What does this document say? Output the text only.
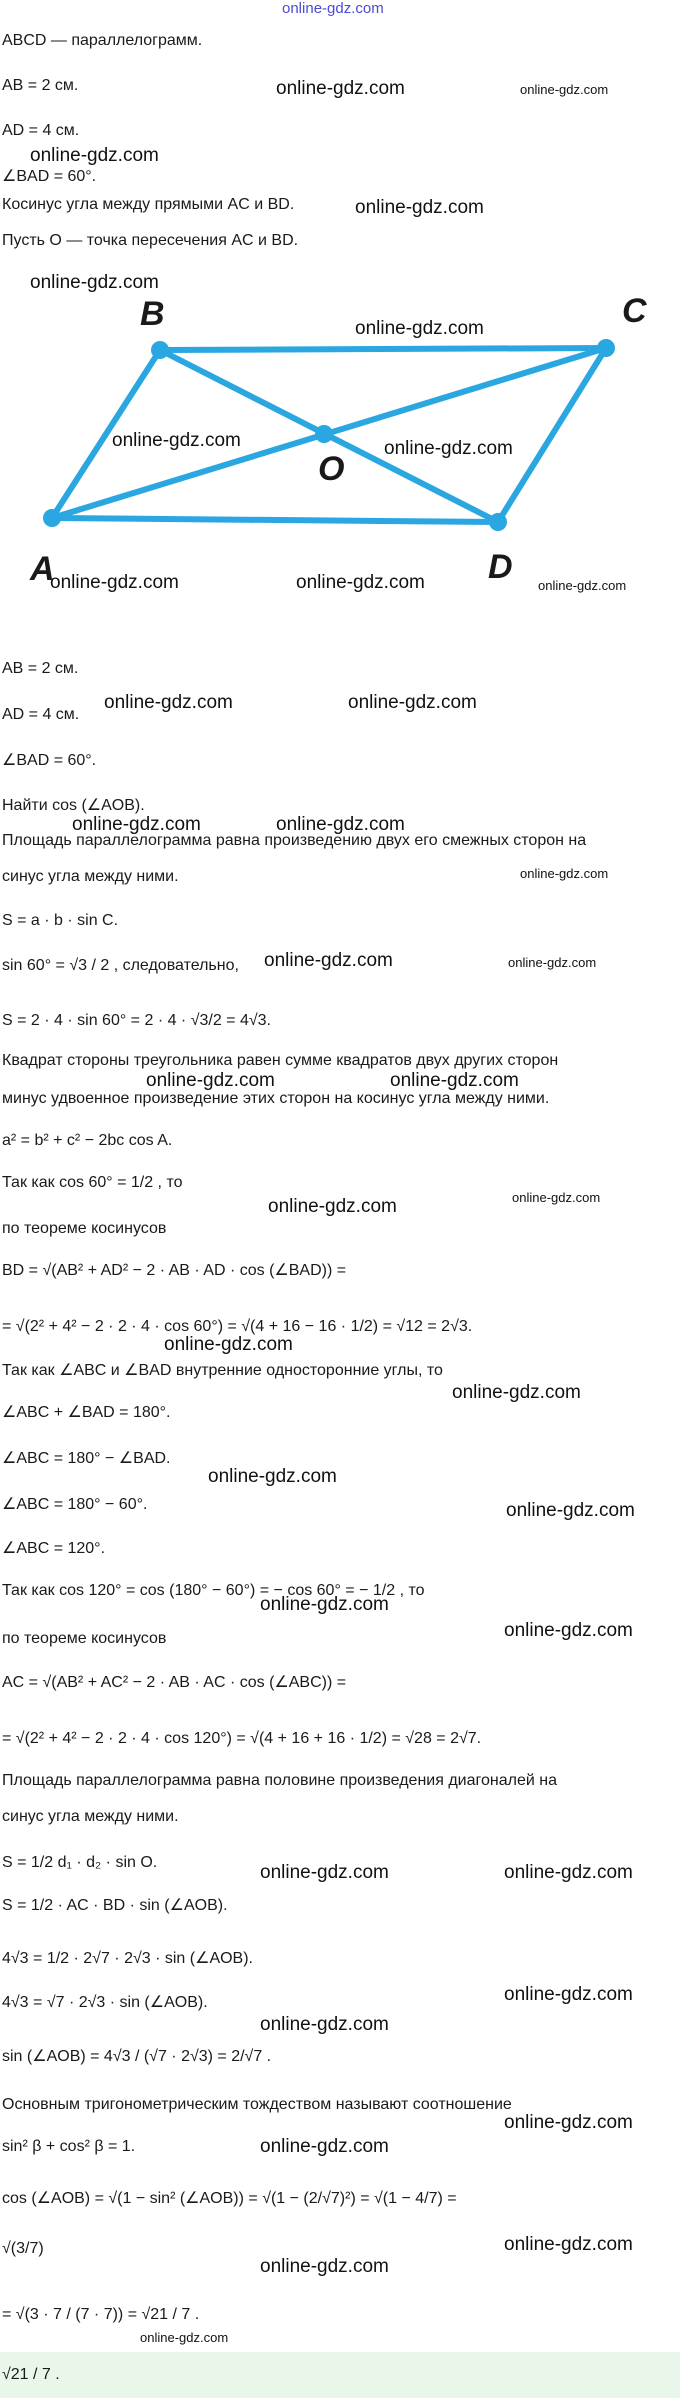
online-gdz.com
ABCD — параллелограмм.
AB = 2 см.
AD = 4 см.
∠BAD = 60°.
Косинус угла между прямыми AC и BD.
Пусть O — точка пересечения AC и BD.
A
B	C
D
O
AB = 2 см.
AD = 4 см.
∠BAD = 60°.
Найти cos (∠AOB).
Площадь параллелограмма равна произведению двух его смежных сторон на
синус угла между ними.
S = a · b · sin C.
sin 60° = √3 / 2 , следовательно,
S = 2 · 4 · sin 60° = 2 · 4 · √3/2 = 4√3.
Квадрат стороны треугольника равен сумме квадратов двух других сторон
минус удвоенное произведение этих сторон на косинус угла между ними.
a² = b² + c² − 2bc cos A.
Так как cos 60° = 1/2 , то
по теореме косинусов
BD = √(AB² + AD² − 2 · AB · AD · cos (∠BAD)) =
= √(2² + 4² − 2 · 2 · 4 · cos 60°) = √(4 + 16 − 16 · 1/2) = √12 = 2√3.
Так как ∠ABC и ∠BAD внутренние односторонние углы, то
∠ABC + ∠BAD = 180°.
∠ABC = 180° − ∠BAD.
∠ABC = 180° − 60°.
∠ABC = 120°.
Так как cos 120° = cos (180° − 60°) = − cos 60° = − 1/2 , то
по теореме косинусов
AC = √(AB² + AC² − 2 · AB · AC · cos (∠ABC)) =
= √(2² + 4² − 2 · 2 · 4 · cos 120°) = √(4 + 16 + 16 · 1/2) = √28 = 2√7.
Площадь параллелограмма равна половине произведения диагоналей на
синус угла между ними.
S = 1/2 d₁ · d₂ · sin O.
S = 1/2 · AC · BD · sin (∠AOB).
4√3 = 1/2 · 2√7 · 2√3 · sin (∠AOB).
4√3 = √7 · 2√3 · sin (∠AOB).
sin (∠AOB) = 4√3 / (√7 · 2√3) = 2/√7 .
Основным тригонометрическим тождеством называют соотношение
sin² β + cos² β = 1.
cos (∠AOB) = √(1 − sin² (∠AOB)) = √(1 − (2/√7)²) = √(1 − 4/7) =
√(3/7)
= √(3 · 7 / (7 · 7)) = √21 / 7 .
√21 / 7 .
online-gdz.com	online-gdz.com
online-gdz.com
online-gdz.com
online-gdz.com
online-gdz.com
online-gdz.com	online-gdz.com
online-gdz.com	online-gdz.com	online-gdz.com
online-gdz.com	online-gdz.com
online-gdz.com	online-gdz.com
online-gdz.com
online-gdz.com	online-gdz.com
online-gdz.com	online-gdz.com
online-gdz.com	online-gdz.com
online-gdz.com
online-gdz.com
online-gdz.com
online-gdz.com
online-gdz.com
online-gdz.com
online-gdz.com	online-gdz.com
online-gdz.com
online-gdz.com
online-gdz.com
online-gdz.com
online-gdz.com
online-gdz.com
online-gdz.com
